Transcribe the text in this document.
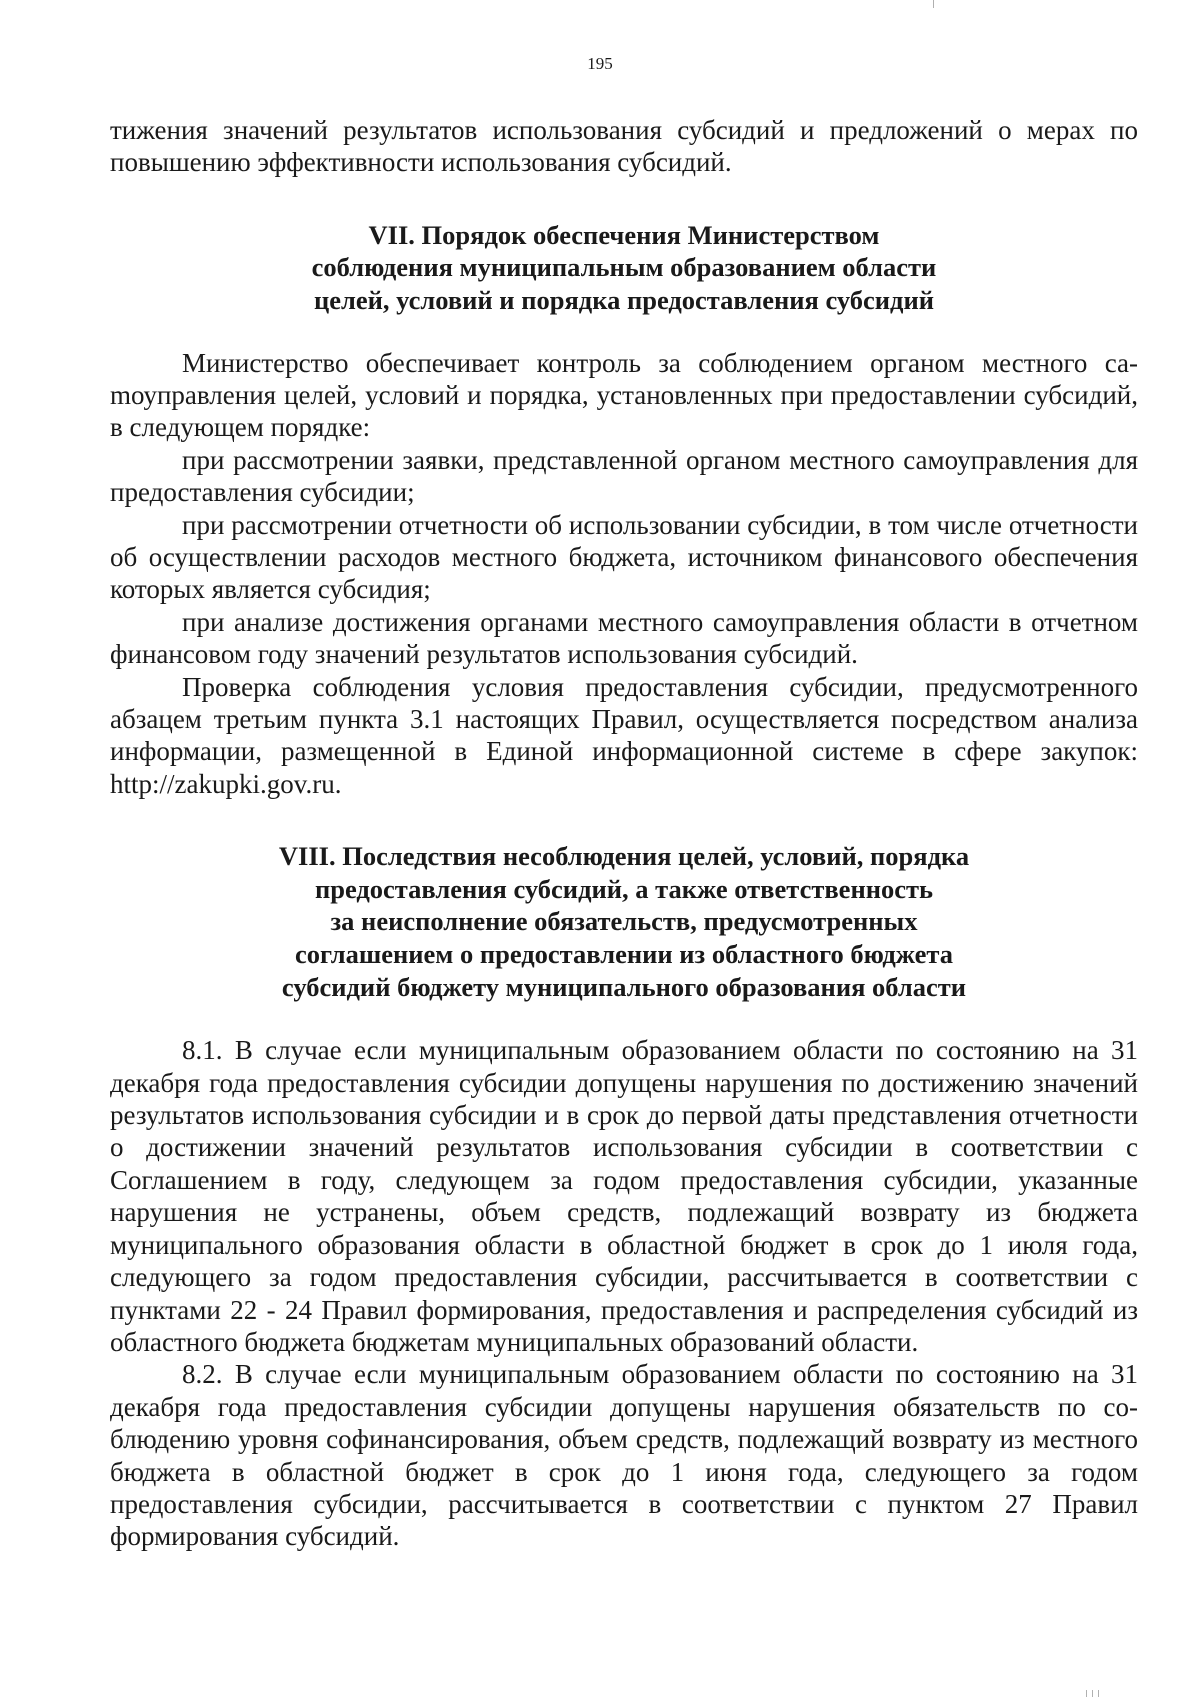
195

тижения значений результатов использования субсидий и предложений о мерах по повышению эффективности использования субсидий.

VII. Порядок обеспечения Министерством
соблюдения муниципальным образованием области
целей, условий и порядка предоставления субсидий

Министерство обеспечивает контроль за соблюдением органом местного саmоуправления целей, условий и порядка, установленных при предоставлении субсидий, в следующем порядке:

при рассмотрении заявки, представленной органом местного самоуправления для предоставления субсидии;

при рассмотрении отчетности об использовании субсидии, в том числе отчетности об осуществлении расходов местного бюджета, источником финансового обеспечения которых является субсидия;

при анализе достижения органами местного самоуправления области в отчетном финансовом году значений результатов использования субсидий.

Проверка соблюдения условия предоставления субсидии, предусмотренного абзацем третьим пункта 3.1 настоящих Правил, осуществляется посредством анализа информации, размещенной в Единой информационной системе в сфере закупок: http://zakupki.gov.ru.

VIII. Последствия несоблюдения целей, условий, порядка
предоставления субсидий, а также ответственность
за неисполнение обязательств, предусмотренных
соглашением о предоставлении из областного бюджета
субсидий бюджету муниципального образования области

8.1. В случае если муниципальным образованием области по состоянию на 31 декабря года предоставления субсидии допущены нарушения по достижению значений результатов использования субсидии и в срок до первой даты представления отчетности о достижении значений результатов использования субсидии в соответствии с Соглашением в году, следующем за годом предоставления субсидии, указанные нарушения не устранены, объем средств, подлежащий возврату из бюджета муниципального образования области в областной бюджет в срок до 1 июля года, следующего за годом предоставления субсидии, рассчитывается в соответствии с пунктами 22 - 24 Правил формирования, предоставления и распределения субсидий из областного бюджета бюджетам муниципальных образований области.

8.2. В случае если муниципальным образованием области по состоянию на 31 декабря года предоставления субсидии допущены нарушения обязательств по соблюдению уровня софинансирования, объем средств, подлежащий возврату из местного бюджета в областной бюджет в срок до 1 июня года, следующего за годом предоставления субсидии, рассчитывается в соответствии с пунктом 27 Правил формирования субсидий.
